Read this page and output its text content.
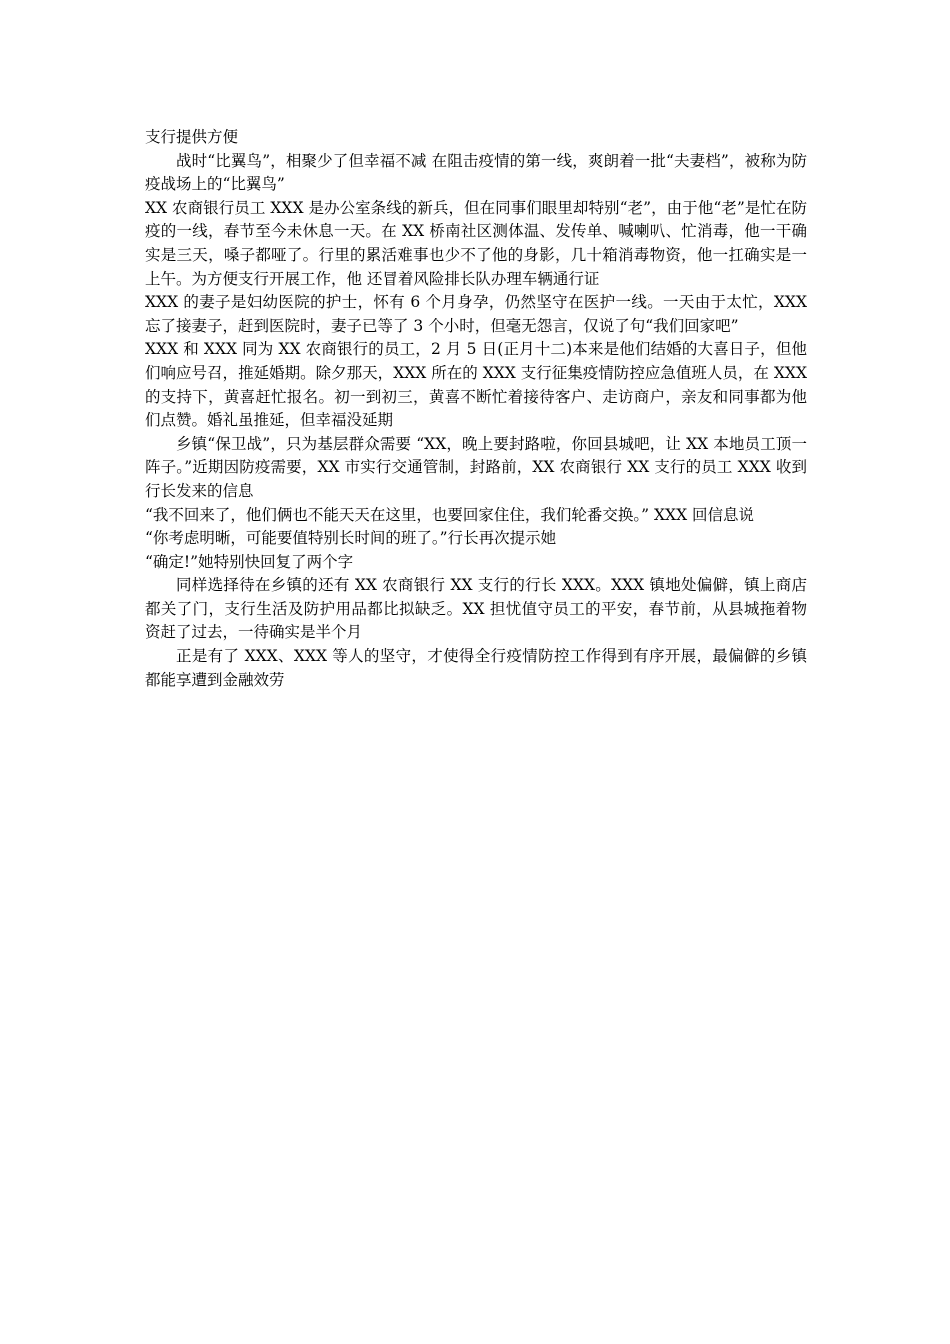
支行提供方便

战时“比翼鸟”，相聚少了但幸福不减 在阻击疫情的第一线，爽朗着一批“夫妻档”，被称为防疫战场上的“比翼鸟”

XX 农商银行员工 XXX 是办公室条线的新兵，但在同事们眼里却特别“老”，由于他“老”是忙在防疫的一线，春节至今未休息一天。在 XX 桥南社区测体温、发传单、喊喇叭、忙消毒，他一干确实是三天，嗓子都哑了。行里的累活难事也少不了他的身影，几十箱消毒物资，他一扛确实是一上午。为方便支行开展工作，他 还冒着风险排长队办理车辆通行证

XXX 的妻子是妇幼医院的护士，怀有 6 个月身孕，仍然坚守在医护一线。一天由于太忙，XXX 忘了接妻子，赶到医院时，妻子已等了 3 个小时，但毫无怨言，仅说了句“我们回家吧”

XXX 和 XXX 同为 XX 农商银行的员工，2 月 5 日(正月十二)本来是他们结婚的大喜日子，但他们响应号召，推延婚期。除夕那天，XXX 所在的 XXX 支行征集疫情防控应急值班人员，在 XXX 的支持下，黄喜赶忙报名。初一到初三，黄喜不断忙着接待客户、走访商户，亲友和同事都为他们点赞。婚礼虽推延，但幸福没延期

乡镇“保卫战”，只为基层群众需要 “XX，晚上要封路啦，你回县城吧，让 XX 本地员工顶一阵子。”近期因防疫需要，XX 市实行交通管制，封路前，XX 农商银行 XX 支行的员工 XXX 收到行长发来的信息

“我不回来了，他们俩也不能天天在这里，也要回家住住，我们轮番交换。” XXX 回信息说

“你考虑明晰，可能要值特别长时间的班了。”行长再次提示她

“确定!”她特别快回复了两个字

同样选择待在乡镇的还有 XX 农商银行 XX 支行的行长 XXX。XXX 镇地处偏僻，镇上商店都关了门，支行生活及防护用品都比拟缺乏。XX 担忧值守员工的平安，春节前，从县城拖着物资赶了过去，一待确实是半个月

正是有了 XXX、XXX 等人的坚守，才使得全行疫情防控工作得到有序开展，最偏僻的乡镇都能享遭到金融效劳
